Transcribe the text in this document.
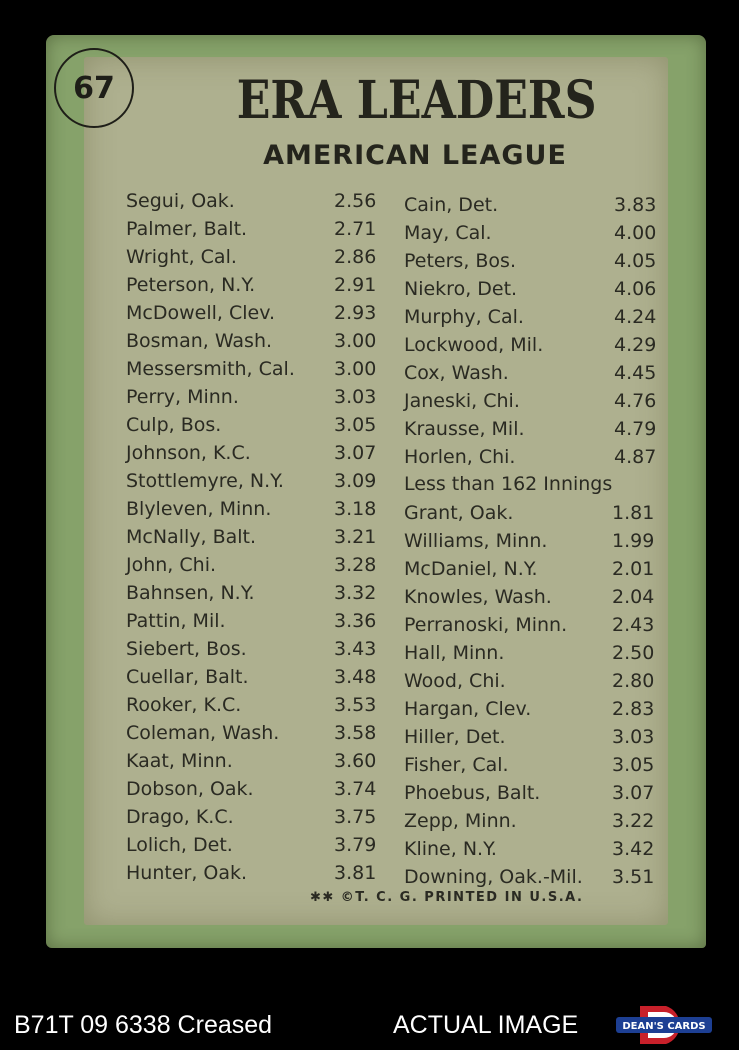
67	ERA LEADERS
AMERICAN LEAGUE
Segui, Oak.	2.56
Palmer, Balt.	2.71
Wright, Cal.	2.86
Peterson, N.Y.	2.91
McDowell, Clev.	2.93
Bosman, Wash.	3.00
Messersmith, Cal. 3.00
Perry, Minn.	3.03
Culp, Bos.	3.05
Johnson, K.C.	3.07
Stottlemyre, N.Y.	3.09
Blyleven, Minn.	3.18
McNally, Balt.	3.21
John, Chi.	3.28
Bahnsen, N.Y.	3.32
Pattin, Mil.	3.36
Siebert, Bos.	3.43
Cuellar, Balt.	3.48
Rooker, K.C.	3.53
Coleman, Wash.	3.58
Kaat, Minn.	3.60
Dobson, Oak.	3.74
Drago, K.C.	3.75
Lolich, Det.	3.79
Hunter, Oak.	3.81
Cain, Det.	3.83
May, Cal.	4.00
Peters, Bos.	4.05
Niekro, Det.	4.06
Murphy, Cal.	4.24
Lockwood, Mil.	4.29
Cox, Wash.	4.45
Janeski, Chi.	4.76
Krausse, Mil.	4.79
Horlen, Chi.	4.87
Grant, Oak.	1.81
Williams, Minn.	1.99
McDaniel, N.Y.	2.01
Knowles, Wash.	2.04
Perranoski, Minn. 2.43
Hall, Minn.	2.50
Wood, Chi.	2.80
Hargan, Clev.	2.83
Hiller, Det.	3.03
Fisher, Cal.	3.05
Phoebus, Balt.	3.07
Zepp, Minn.	3.22
Kline, N.Y.	3.42
Downing, Oak.-Mil. 3.51
Less than 162 Innings
✱✱ ©T. C. G. PRINTED IN U.S.A.
B71T 09 6338 Creased	ACTUAL IMAGE	DEAN'S CARDS
